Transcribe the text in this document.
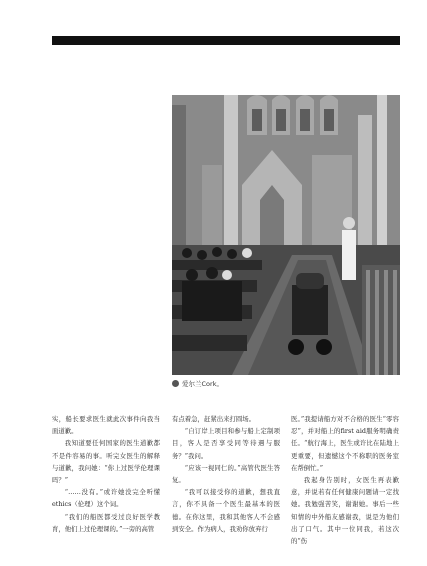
爱尔兰Cork。

实，船长要求医生就此次事件向我当面道歉。

我知道要任何国家的医生道歉都不是件容易的事。听完女医生的解释与道歉，我问她：“你上过医学伦理课吗？”

“……没有。”或许她没完全听懂ethics（伦理）这个词。

“我们的船医都受过良好医学教育，他们上过伦理课的。”一旁的高管

有点着急，赶紧出来打圆场。

“自订岸上项目和参与船上定制项目，客人是否享受同等待遇与服务？”我问。

“应该一视同仁的。”高管代医生答复。

“我可以接受你的道歉，想我直言，你不具备一个医生最基本的医德。在你这里，我和其他客人不会感到安全。作为病人，我劝你放弃行

医。”我提请船方对不合格的医生“零容忍”，并对船上的first aid服务明确责任。“航行海上，医生或许比在陆地上更重要，但遗憾这个不称职的医务室在帮倒忙。”

我起身告别时，女医生再表歉意，并说若有任何健康问题请一定找她。我勉强苦笑，谢谢她。事后一些知情的中外船友感谢我，说是为他们出了口气。其中一位同我，若这次的“伤
